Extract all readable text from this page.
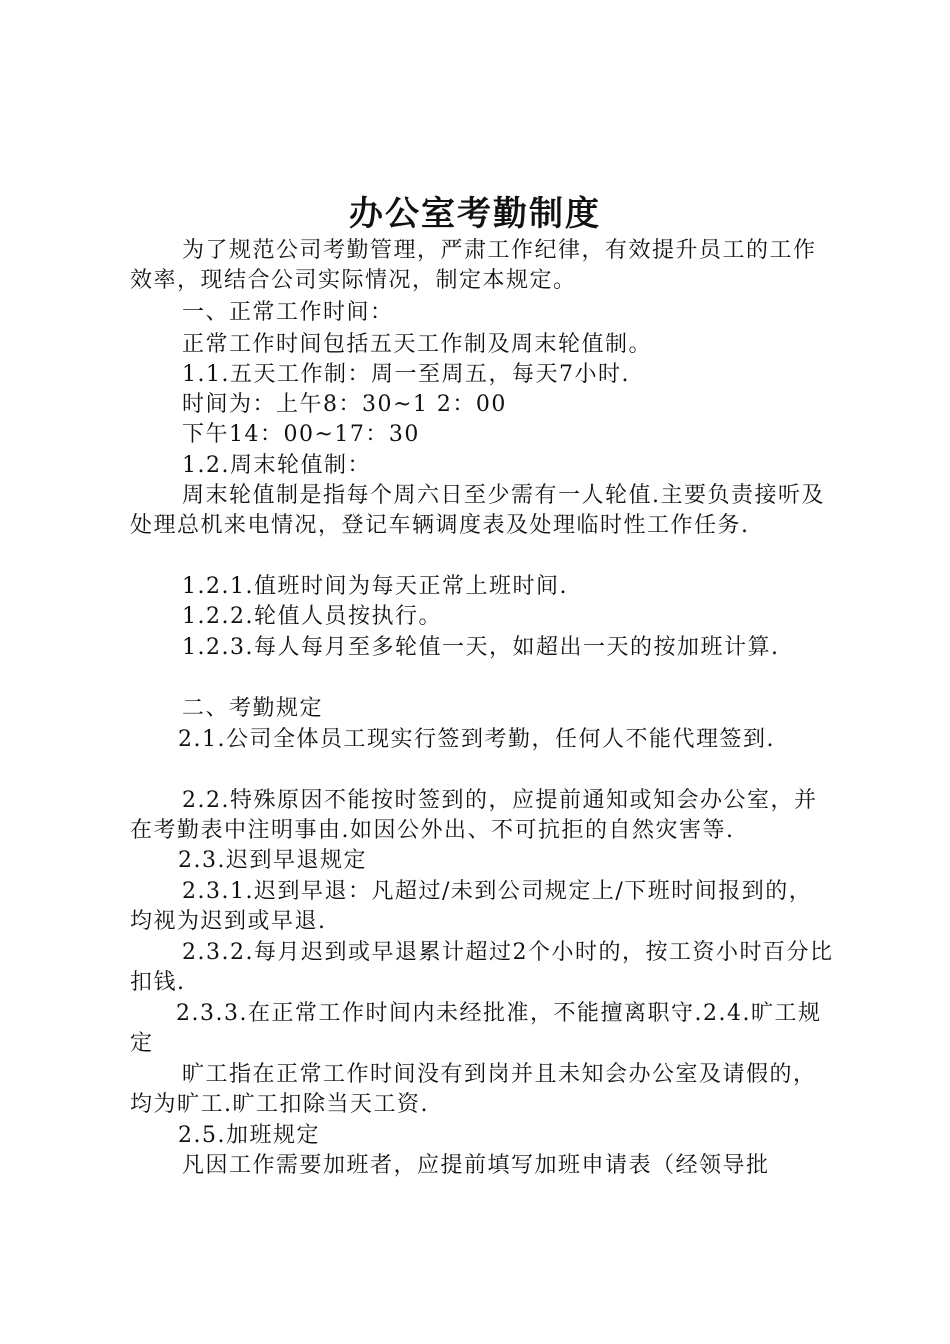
办公室考勤制度
为了规范公司考勤管理，严肃工作纪律，有效提升员工的工作效率，现结合公司实际情况，制定本规定。
一、正常工作时间：
正常工作时间包括五天工作制及周末轮值制。
1.1.五天工作制：周一至周五，每天7小时.
时间为：上午8：30~1 2：00
下午14：00~17：30
1.2.周末轮值制：
周末轮值制是指每个周六日至少需有一人轮值.主要负责接听及处理总机来电情况，登记车辆调度表及处理临时性工作任务.
1.2.1.值班时间为每天正常上班时间.
1.2.2.轮值人员按执行。
1.2.3.每人每月至多轮值一天，如超出一天的按加班计算.
二、考勤规定
2.1.公司全体员工现实行签到考勤，任何人不能代理签到.
2.2.特殊原因不能按时签到的，应提前通知或知会办公室，并在考勤表中注明事由.如因公外出、不可抗拒的自然灾害等.
2.3.迟到早退规定
2.3.1.迟到早退：凡超过/未到公司规定上/下班时间报到的，均视为迟到或早退.
2.3.2.每月迟到或早退累计超过2个小时的，按工资小时百分比扣钱.
2.3.3.在正常工作时间内未经批准，不能擅离职守.2.4.旷工规定
旷工指在正常工作时间没有到岗并且未知会办公室及请假的，均为旷工.旷工扣除当天工资.
2.5.加班规定
凡因工作需要加班者，应提前填写加班申请表（经领导批
